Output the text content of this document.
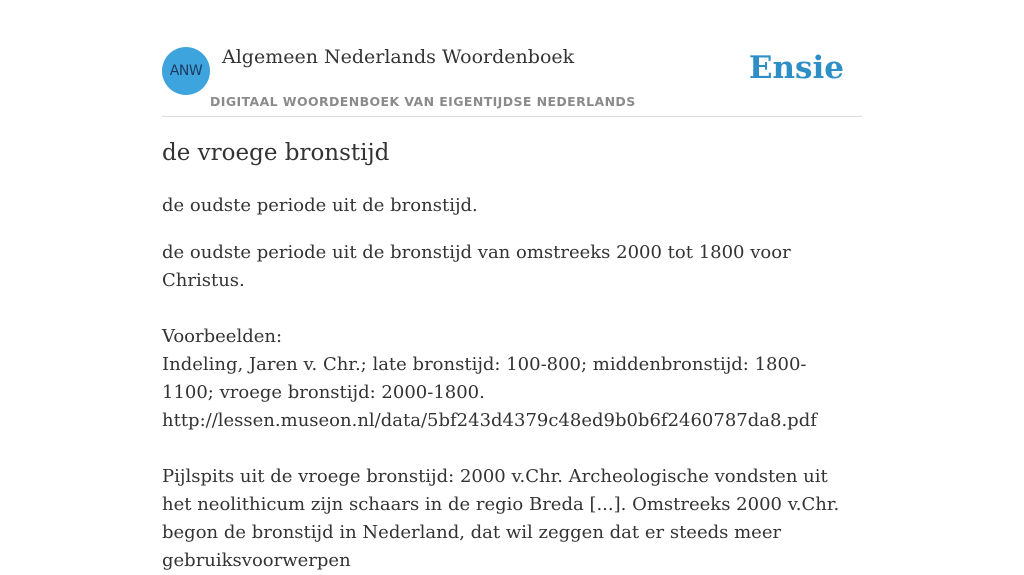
ANW
Algemeen Nederlands Woordenboek
DIGITAAL WOORDENBOEK VAN EIGENTIJDSE NEDERLANDS
Ensie
de vroege bronstijd

de oudste periode uit de bronstijd.

de oudste periode uit de bronstijd van omstreeks 2000 tot 1800 voor Christus.

Voorbeelden:

Indeling, Jaren v. Chr.; late bronstijd: 100-800; middenbronstijd: 1800-1100; vroege bronstijd: 2000-1800.

http://lessen.museon.nl/data/5bf243d4379c48ed9b0b6f2460787da8.pdf

Pijlspits uit de vroege bronstijd: 2000 v.Chr. Archeologische vondsten uit het neolithicum zijn schaars in de regio Breda [...]. Omstreeks 2000 v.Chr. begon de bronstijd in Nederland, dat wil zeggen dat er steeds meer gebruiksvoorwerpen
